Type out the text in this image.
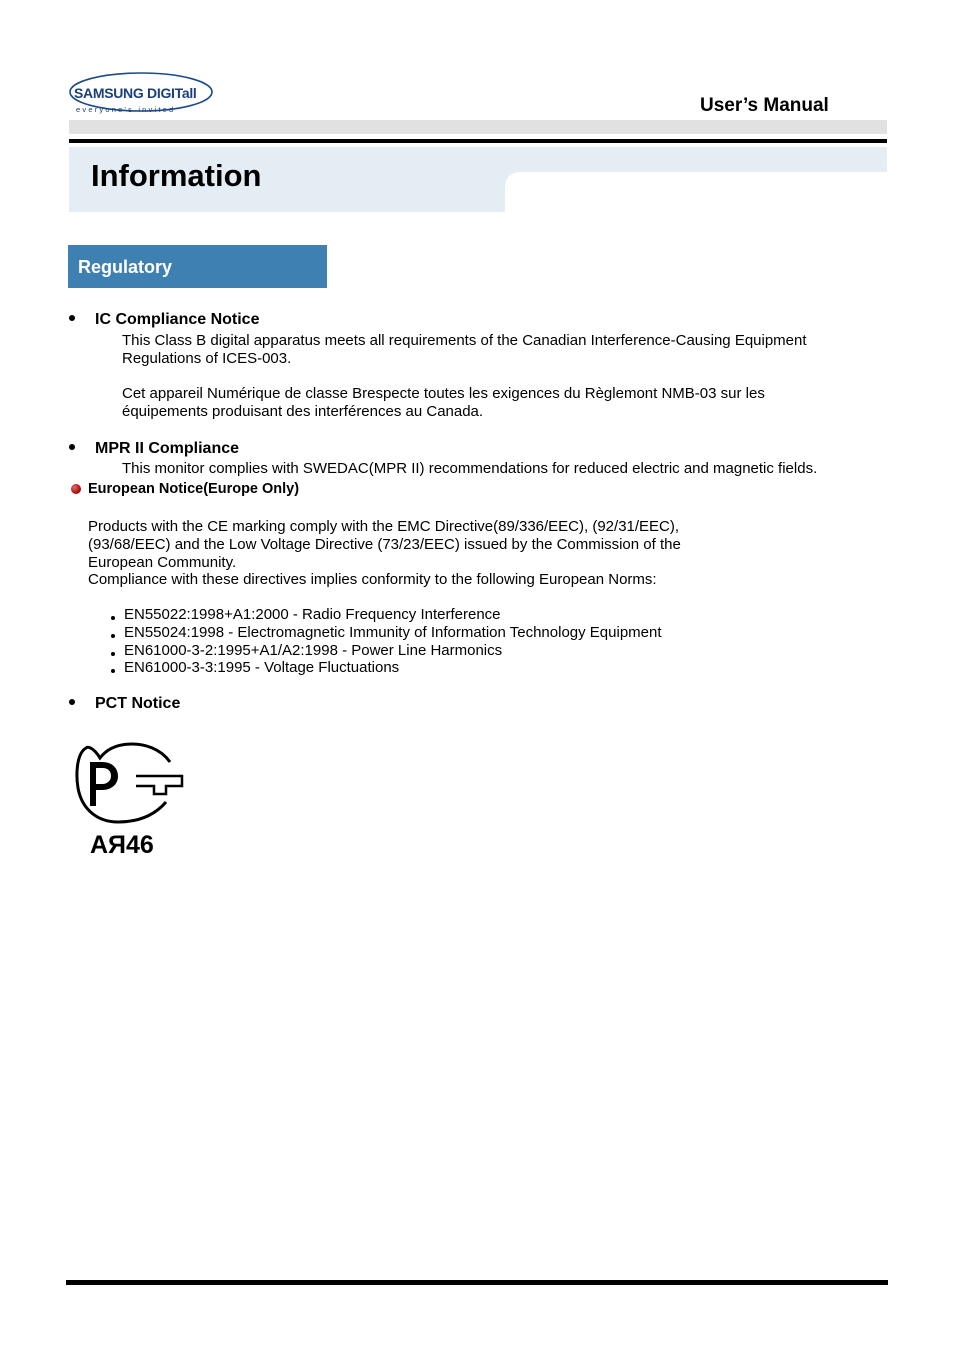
SAMSUNG DIGITall
everyone's invited	User’s Manual
Information
Regulatory
IC Compliance Notice
This Class B digital apparatus meets all requirements of the Canadian Interference-Causing Equipment
Regulations of ICES-003.
Cet appareil Numérique de classe Brespecte toutes les exigences du Règlemont NMB-03 sur les
équipements produisant des interférences au Canada.
MPR II Compliance
This monitor complies with SWEDAC(MPR II) recommendations for reduced electric and magnetic fields.
European Notice(Europe Only)
Products with the CE marking comply with the EMC Directive(89/336/EEC), (92/31/EEC),
(93/68/EEC) and the Low Voltage Directive (73/23/EEC) issued by the Commission of the
European Community.
Compliance with these directives implies conformity to the following European Norms:
EN55022:1998+A1:2000 - Radio Frequency Interference
EN55024:1998 - Electromagnetic Immunity of Information Technology Equipment
EN61000-3-2:1995+A1/A2:1998 - Power Line Harmonics
EN61000-3-3:1995 - Voltage Fluctuations
PCT Notice
АЯ46
